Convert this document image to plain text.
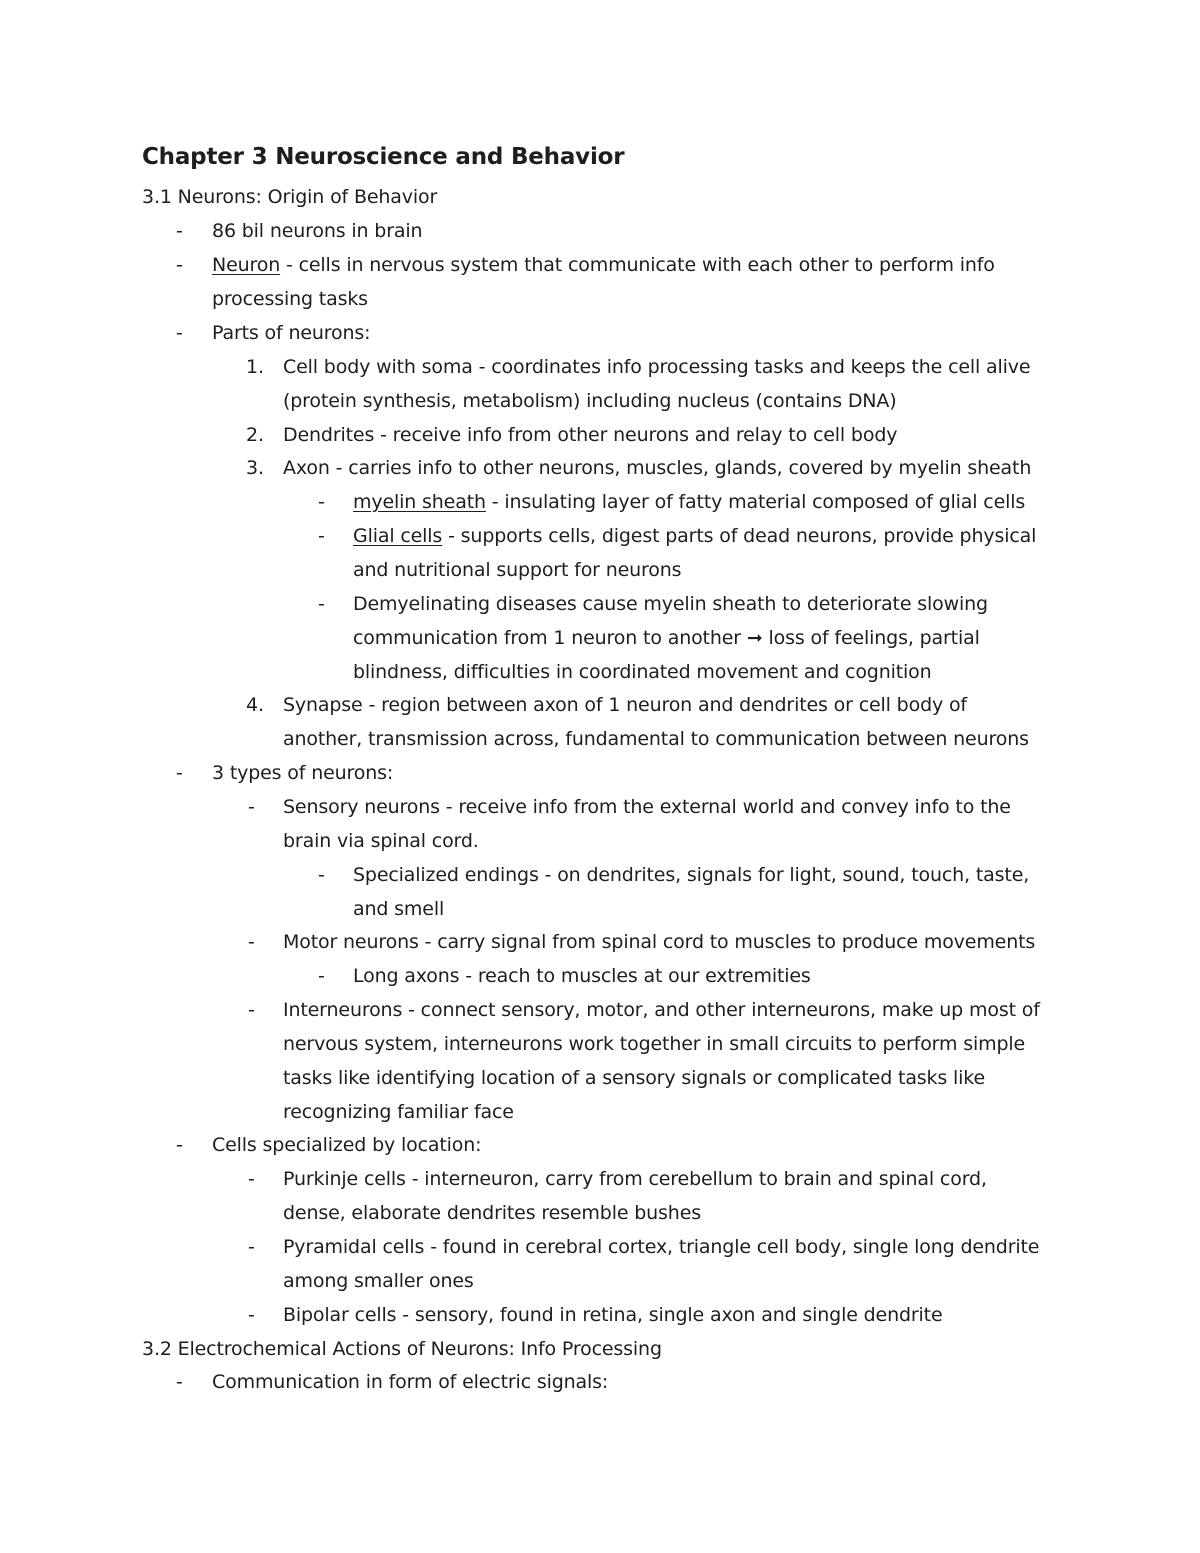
Chapter 3 Neuroscience and Behavior
3.1 Neurons: Origin of Behavior
- 86 bil neurons in brain
- Neuron - cells in nervous system that communicate with each other to perform info
processing tasks
- Parts of neurons:
1. Cell body with soma - coordinates info processing tasks and keeps the cell alive
(protein synthesis, metabolism) including nucleus (contains DNA)
2. Dendrites - receive info from other neurons and relay to cell body
3. Axon - carries info to other neurons, muscles, glands, covered by myelin sheath
- myelin sheath - insulating layer of fatty material composed of glial cells
- Glial cells - supports cells, digest parts of dead neurons, provide physical
and nutritional support for neurons
- Demyelinating diseases cause myelin sheath to deteriorate slowing
communication from 1 neuron to another ➞ loss of feelings, partial
blindness, difficulties in coordinated movement and cognition
4. Synapse - region between axon of 1 neuron and dendrites or cell body of
another, transmission across, fundamental to communication between neurons
- 3 types of neurons:
- Sensory neurons - receive info from the external world and convey info to the
brain via spinal cord.
- Specialized endings - on dendrites, signals for light, sound, touch, taste,
and smell
- Motor neurons - carry signal from spinal cord to muscles to produce movements
- Long axons - reach to muscles at our extremities
- Interneurons - connect sensory, motor, and other interneurons, make up most of
nervous system, interneurons work together in small circuits to perform simple
tasks like identifying location of a sensory signals or complicated tasks like
recognizing familiar face
- Cells specialized by location:
- Purkinje cells - interneuron, carry from cerebellum to brain and spinal cord,
dense, elaborate dendrites resemble bushes
- Pyramidal cells - found in cerebral cortex, triangle cell body, single long dendrite
among smaller ones
- Bipolar cells - sensory, found in retina, single axon and single dendrite
3.2 Electrochemical Actions of Neurons: Info Processing
- Communication in form of electric signals:
